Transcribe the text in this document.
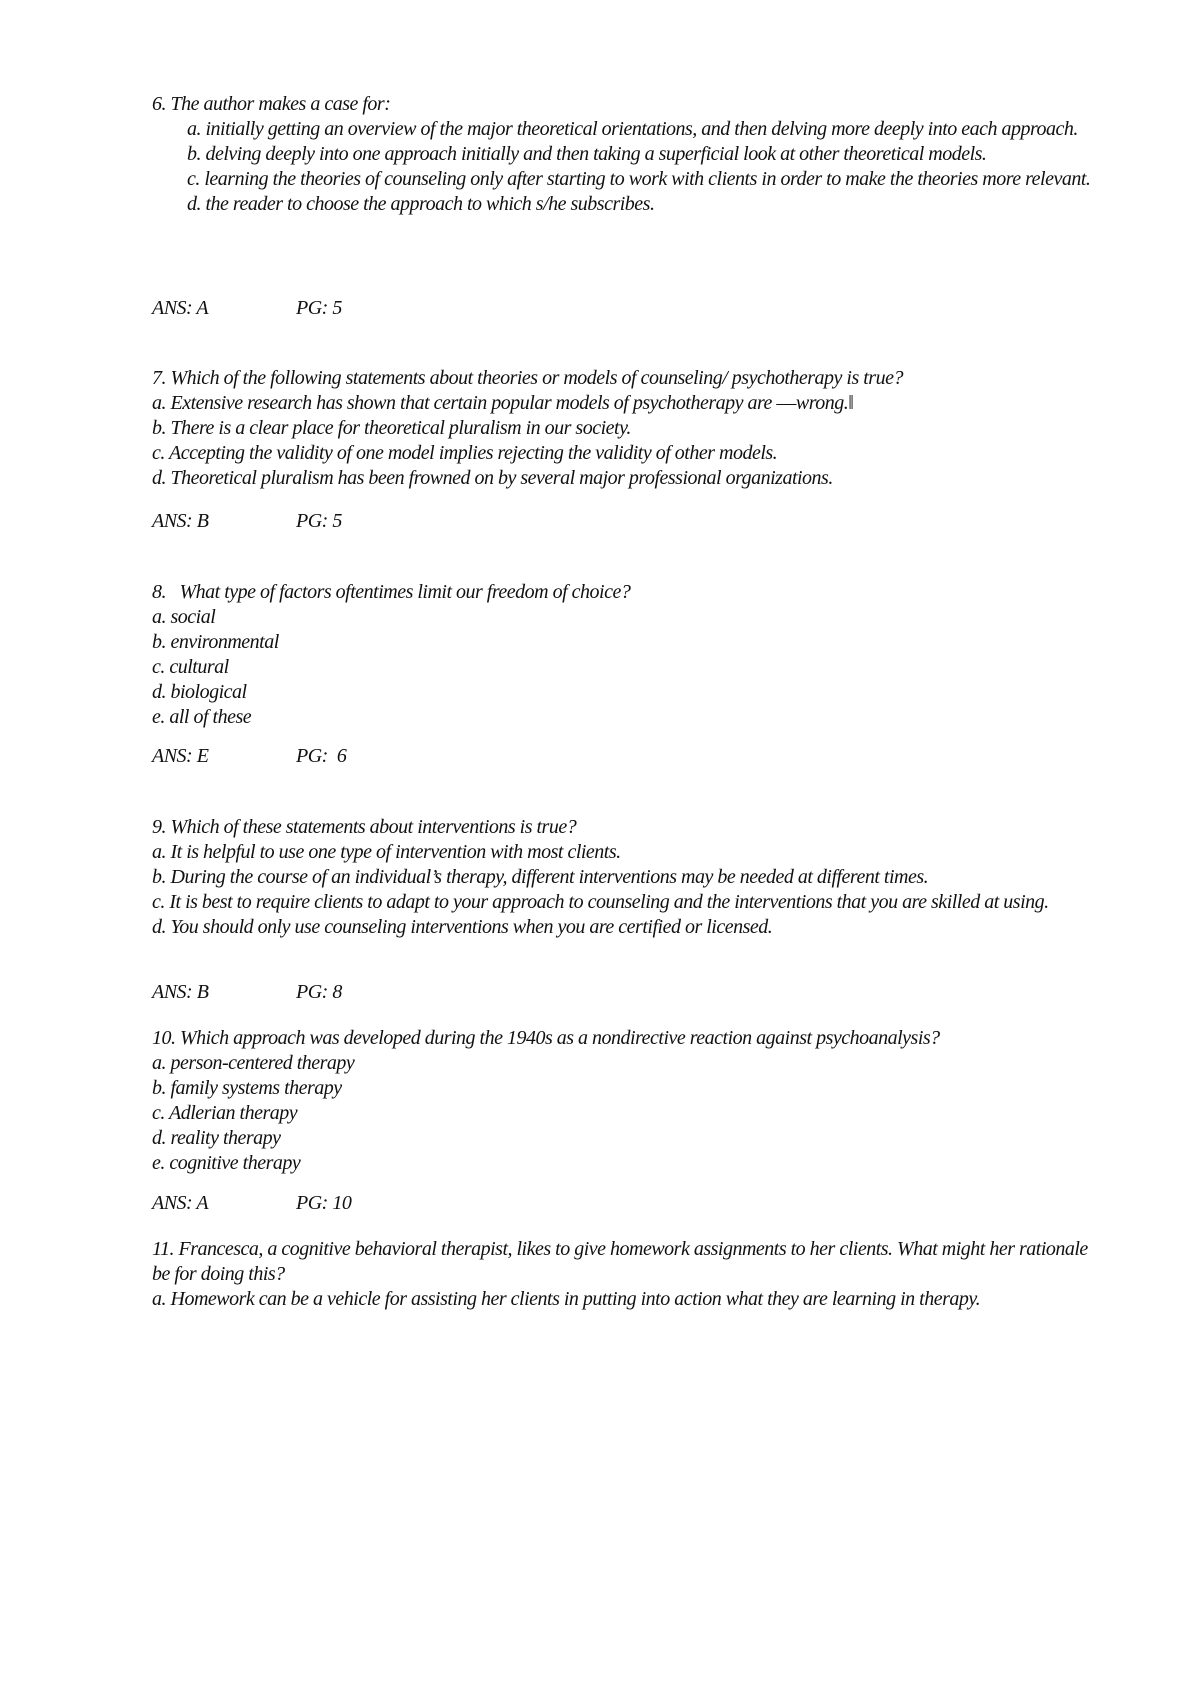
6. The author makes a case for:

a. initially getting an overview of the major theoretical orientations, and then delving more deeply into each approach.

b. delving deeply into one approach initially and then taking a superficial look at other theoretical models.

c. learning the theories of counseling only after starting to work with clients in order to make the theories more relevant.

d. the reader to choose the approach to which s/he subscribes.

ANS: A	PG: 5

7. Which of the following statements about theories or models of counseling/ psychotherapy is true?

a. Extensive research has shown that certain popular models of psychotherapy are ―wrong.‖

b. There is a clear place for theoretical pluralism in our society.

c. Accepting the validity of one model implies rejecting the validity of other models.

d. Theoretical pluralism has been frowned on by several major professional organizations.

ANS: B	PG: 5

8.   What type of factors oftentimes limit our freedom of choice?

a. social

b. environmental

c. cultural

d. biological

e. all of these

ANS: E	PG:  6

9. Which of these statements about interventions is true?

a. It is helpful to use one type of intervention with most clients.

b. During the course of an individual’s therapy, different interventions may be needed at different times.

c. It is best to require clients to adapt to your approach to counseling and the interventions that you are skilled at using.

d. You should only use counseling interventions when you are certified or licensed.

ANS: B	PG: 8

10. Which approach was developed during the 1940s as a nondirective reaction against psychoanalysis?

a. person-centered therapy

b. family systems therapy

c. Adlerian therapy

d. reality therapy

e. cognitive therapy

ANS: A	PG: 10

11. Francesca, a cognitive behavioral therapist, likes to give homework assignments to her clients. What might her rationale be for doing this?

a. Homework can be a vehicle for assisting her clients in putting into action what they are learning in therapy.
